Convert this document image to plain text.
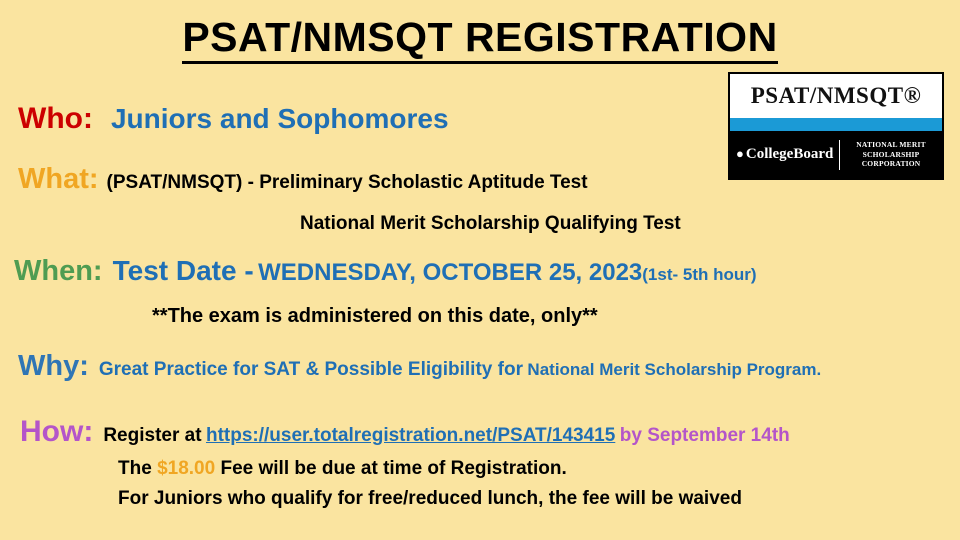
PSAT/NMSQT REGISTRATION
PSAT/NMSQT®
● CollegeBoard
NATIONAL MERIT
SCHOLARSHIP CORPORATION
Who: Juniors and Sophomores
What: (PSAT/NMSQT) - Preliminary Scholastic Aptitude Test
National Merit Scholarship Qualifying Test
When: Test Date - WEDNESDAY, OCTOBER 25, 2023(1st- 5th hour)
**The exam is administered on this date, only**
Why: Great Practice for SAT & Possible Eligibility for National Merit Scholarship Program.
How: Register at https://user.totalregistration.net/PSAT/143415 by September 14th
The $18.00 Fee will be due at time of Registration.
For Juniors who qualify for free/reduced lunch, the fee will be waived
